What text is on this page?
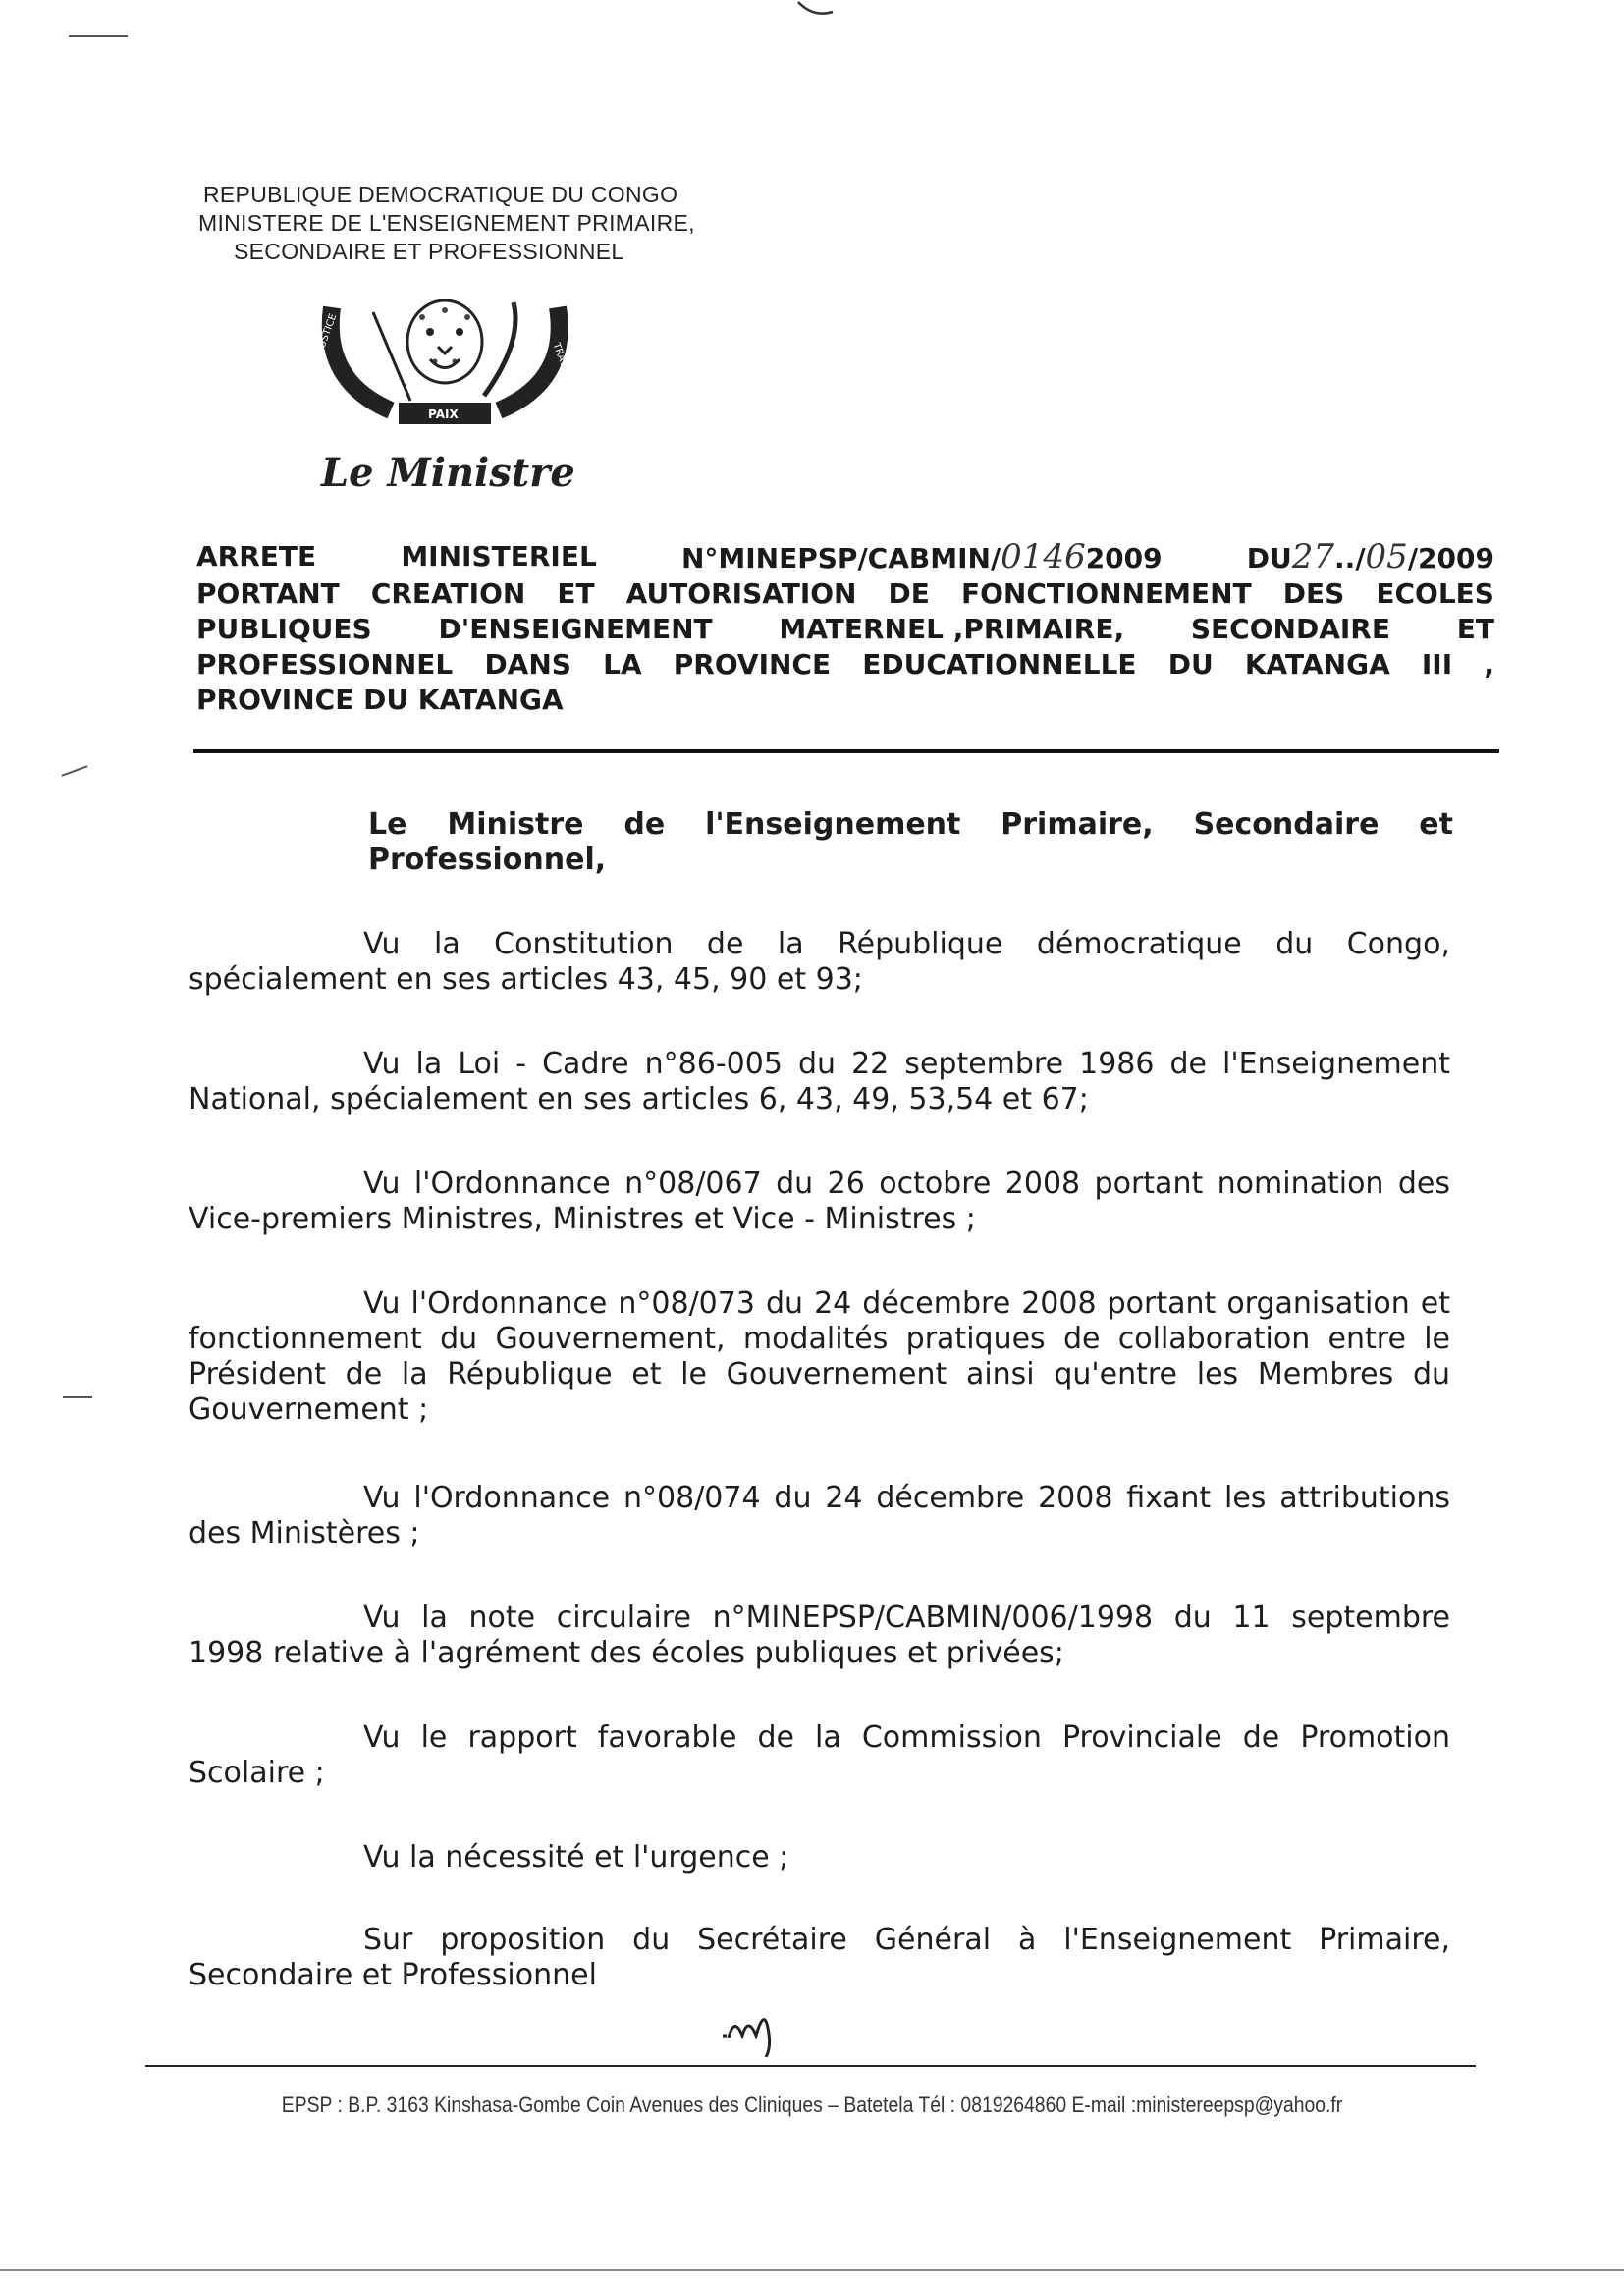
REPUBLIQUE DEMOCRATIQUE DU CONGO
MINISTERE DE L'ENSEIGNEMENT PRIMAIRE,
SECONDAIRE ET PROFESSIONNEL
JUSTICE
TRAVAIL
PAIX
Le Ministre
ARRETE	MINISTERIEL	N°MINEPSP/CABMIN/01462009	DU27../05/2009
PORTANT CREATION ET AUTORISATION DE FONCTIONNEMENT DES ECOLES
PUBLIQUES D'ENSEIGNEMENT MATERNEL ,PRIMAIRE, SECONDAIRE ET
PROFESSIONNEL DANS LA PROVINCE EDUCATIONNELLE DU KATANGA III ,
PROVINCE DU KATANGA
Le Ministre de l'Enseignement Primaire, Secondaire et Professionnel,
Vu la Constitution de la République démocratique du Congo, spécialement en ses articles 43, 45, 90 et 93;
Vu la Loi - Cadre n°86-005 du 22 septembre 1986 de l'Enseignement National, spécialement en ses articles 6, 43, 49, 53,54 et 67;
Vu l'Ordonnance n°08/067 du 26 octobre 2008 portant nomination des Vice-premiers Ministres, Ministres et Vice - Ministres ;
Vu l'Ordonnance n°08/073 du 24 décembre 2008 portant organisation et fonctionnement du Gouvernement, modalités pratiques de collaboration entre le Président de la République et le Gouvernement ainsi qu'entre les Membres du Gouvernement ;
Vu l'Ordonnance n°08/074 du 24 décembre 2008 fixant les attributions des Ministères ;
Vu la note circulaire n°MINEPSP/CABMIN/006/1998 du 11 septembre 1998 relative à l'agrément des écoles publiques et privées;
Vu le rapport favorable de la Commission Provinciale de Promotion Scolaire ;
Vu la nécessité et l'urgence ;
Sur proposition du Secrétaire Général à l'Enseignement Primaire, Secondaire et Professionnel
EPSP : B.P. 3163 Kinshasa-Gombe Coin Avenues des Cliniques – Batetela Tél : 0819264860 E-mail :ministereepsp@yahoo.fr
